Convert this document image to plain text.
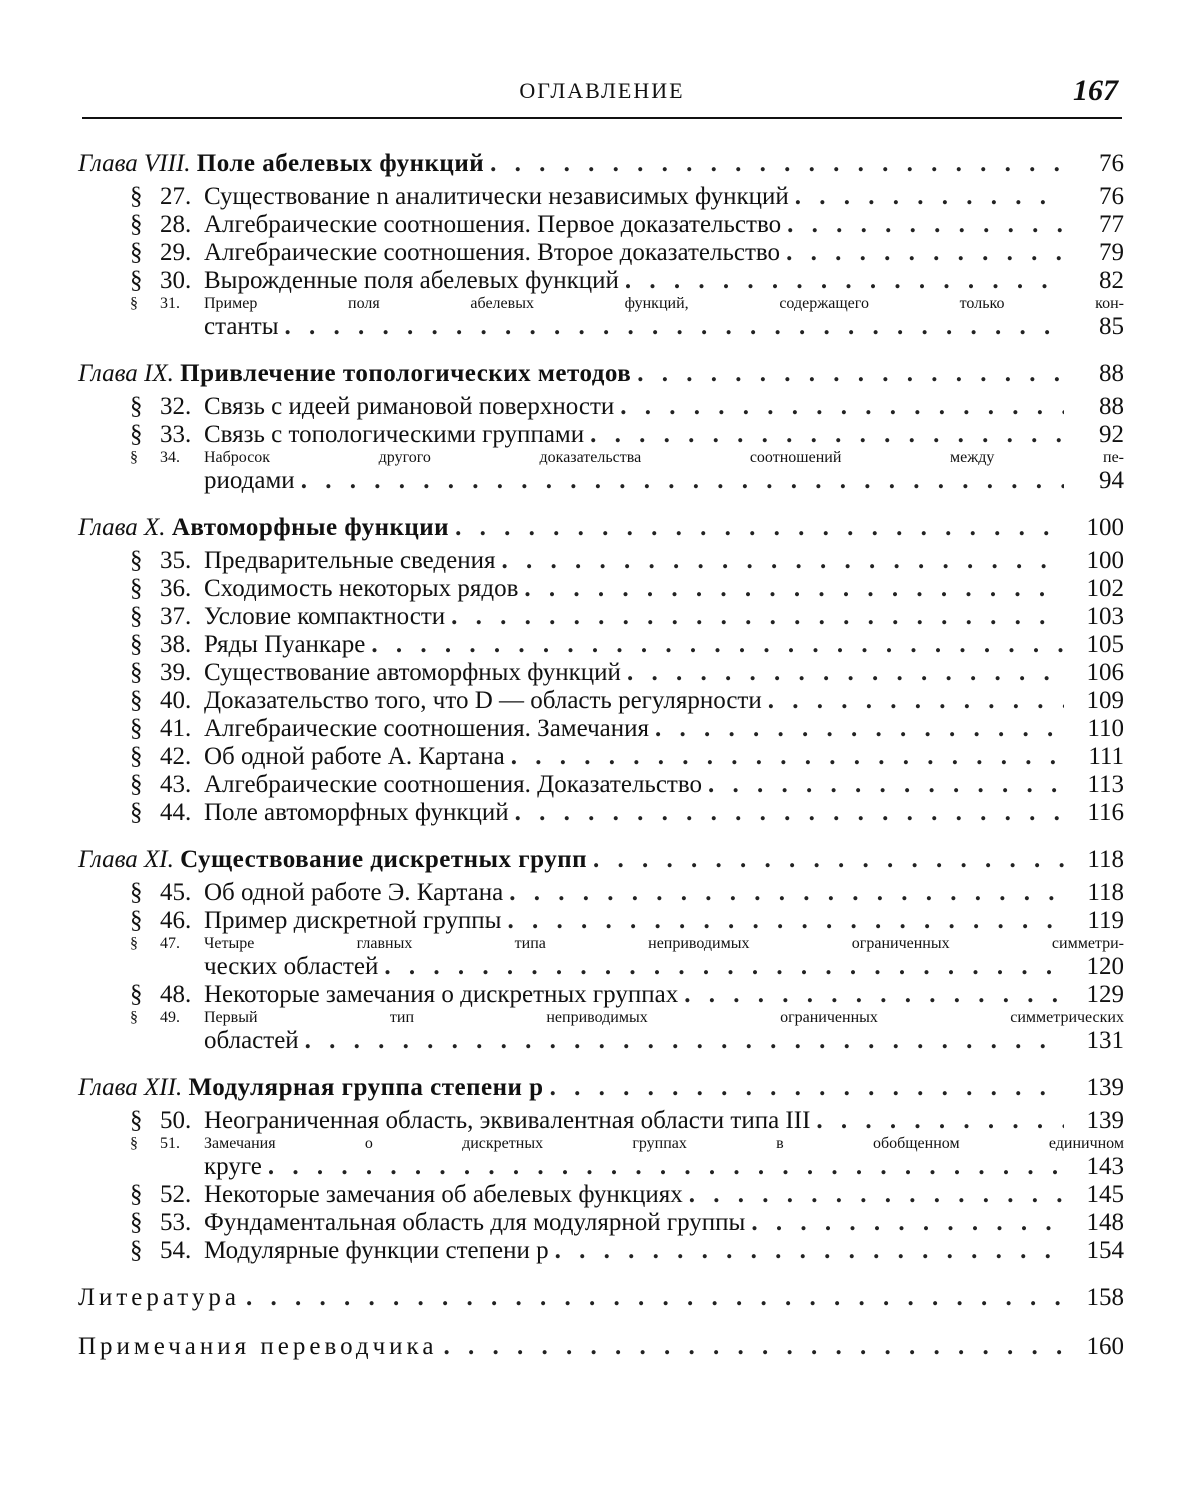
ОГЛАВЛЕНИЕ	167
Глава VIII. Поле абелевых функций . . .	76
§ 27. Существование n аналитически независимых функций . . .	76
§ 28. Алгебраические соотношения. Первое доказательство . . .	77
§ 29. Алгебраические соотношения. Второе доказательство . . .	79
§ 30. Вырожденные поля абелевых функций . . .	82
§	31.	Пример поля абелевых функций, содержащего только кон-
станты . . .	85
Глава IX. Привлечение топологических методов . . .	88
§ 32. Связь с идеей римановой поверхности . . .	88
§ 33. Связь с топологическими группами . . .	92
§	34.	Набросок другого доказательства соотношений между пе-
риодами . . .	94
Глава X. Автоморфные функции . . .	100
§ 35. Предварительные сведения . . .	100
§ 36. Сходимость некоторых рядов . . .	102
§ 37. Условие компактности . . .	103
§ 38. Ряды Пуанкаре . . .	105
§ 39. Существование автоморфных функций . . .	106
§ 40. Доказательство того, что D — область регулярности . . .	109
§ 41. Алгебраические соотношения. Замечания . . .	110
§ 42. Об одной работе А. Картана . . .	111
§ 43. Алгебраические соотношения. Доказательство . . .	113
§ 44. Поле автоморфных функций . . .	116
Глава XI. Существование дискретных групп . . .	118
§ 45. Об одной работе Э. Картана . . .	118
§ 46. Пример дискретной группы . . .	119
§	47.	Четыре главных типа неприводимых ограниченных симметри-
ческих областей . . .	120
§ 48. Некоторые замечания о дискретных группах . . .	129
§	49.	Первый тип неприводимых ограниченных симметрических
областей . . .	131
Глава XII. Модулярная группа степени p . . .	139
§ 50. Неограниченная область, эквивалентная области типа III . . .	139
§	51.	Замечания о дискретных группах в обобщенном единичном
круге . . .	143
§ 52. Некоторые замечания об абелевых функциях . . .	145
§ 53. Фундаментальная область для модулярной группы . . .	148
§ 54. Модулярные функции степени p . . .	154
Литература . . .	158
Примечания переводчика . . .	160
